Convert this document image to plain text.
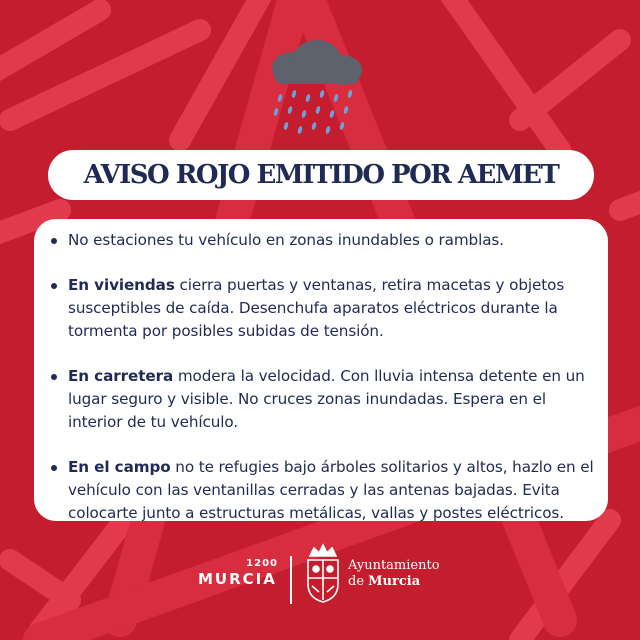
AVISO ROJO EMITIDO POR AEMET
No estaciones tu vehículo en zonas inundables o ramblas.
En viviendas cierra puertas y ventanas, retira macetas y objetos susceptibles de caída. Desenchufa aparatos eléctricos durante la tormenta por posibles subidas de tensión.
En carretera modera la velocidad. Con lluvia intensa detente en un lugar seguro y visible. No cruces zonas inundadas. Espera en el interior de tu vehículo.
En el campo no te refugies bajo árboles solitarios y altos, hazlo en el vehículo con las ventanillas cerradas y las antenas bajadas. Evita colocarte junto a estructuras metálicas, vallas y postes eléctricos.
1200
MURCIA
Ayuntamiento
de Murcia
